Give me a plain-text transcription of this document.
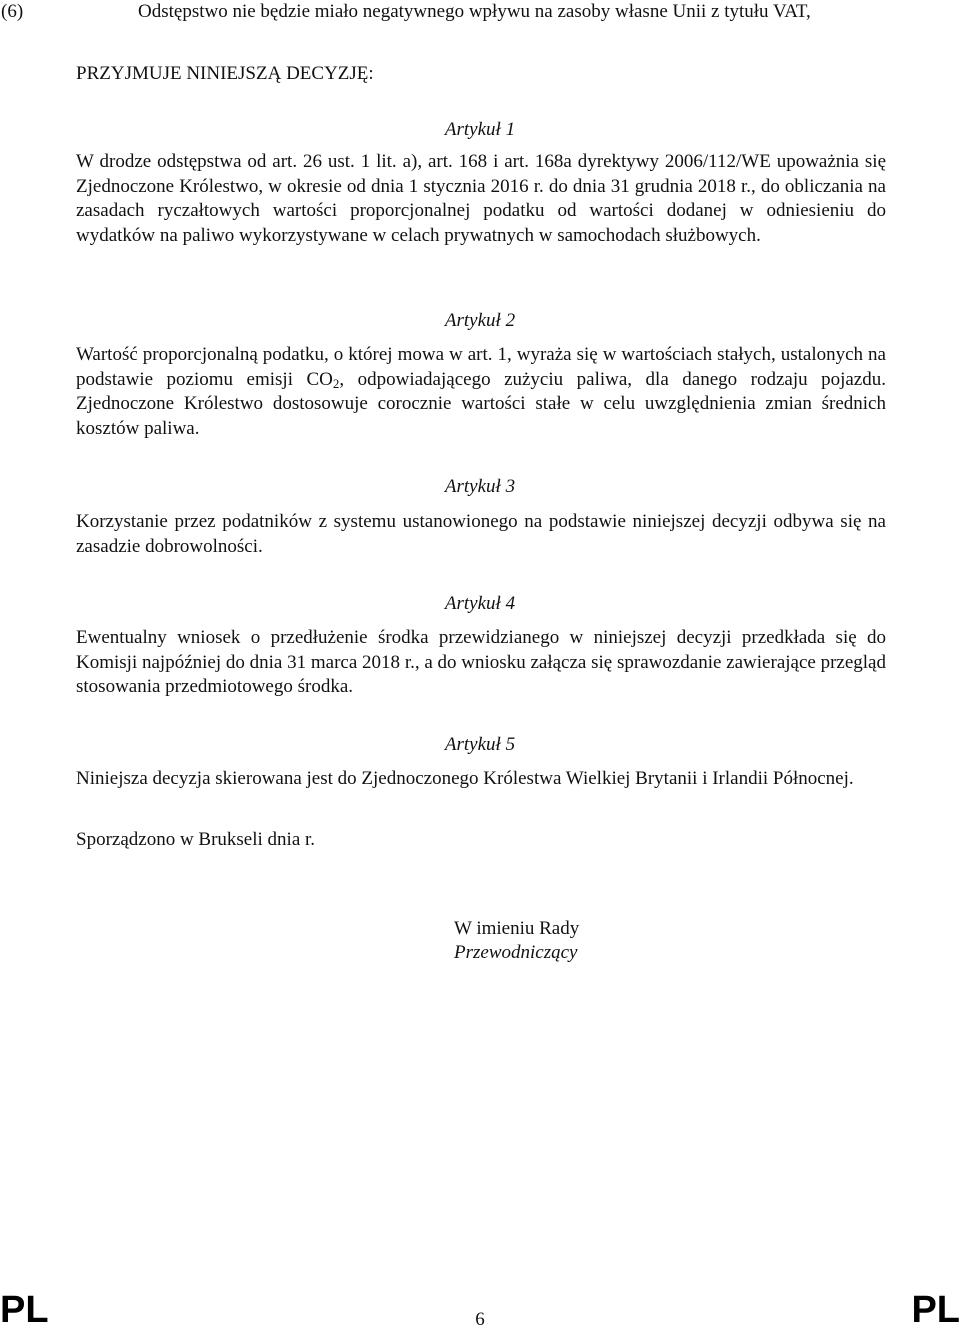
(6)	Odstępstwo nie będzie miało negatywnego wpływu na zasoby własne Unii z tytułu VAT,
PRZYJMUJE NINIEJSZĄ DECYZJĘ:
Artykuł 1
W drodze odstępstwa od art. 26 ust. 1 lit. a), art. 168 i art. 168a dyrektywy 2006/112/WE upoważnia się Zjednoczone Królestwo, w okresie od dnia 1 stycznia 2016 r. do dnia 31 grudnia 2018 r., do obliczania na zasadach ryczałtowych wartości proporcjonalnej podatku od wartości dodanej w odniesieniu do wydatków na paliwo wykorzystywane w celach prywatnych w samochodach służbowych.
Artykuł 2
Wartość proporcjonalną podatku, o której mowa w art. 1, wyraża się w wartościach stałych, ustalonych na podstawie poziomu emisji $CO_2$, odpowiadającego zużyciu paliwa, dla danego rodzaju pojazdu. Zjednoczone Królestwo dostosowuje corocznie wartości stałe w celu uwzględnienia zmian średnich kosztów paliwa.
Artykuł 3
Korzystanie przez podatników z systemu ustanowionego na podstawie niniejszej decyzji odbywa się na zasadzie dobrowolności.
Artykuł 4
Ewentualny wniosek o przedłużenie środka przewidzianego w niniejszej decyzji przedkłada się do Komisji najpóźniej do dnia 31 marca 2018 r., a do wniosku załącza się sprawozdanie zawierające przegląd stosowania przedmiotowego środka.
Artykuł 5
Niniejsza decyzja skierowana jest do Zjednoczonego Królestwa Wielkiej Brytanii i Irlandii Północnej.
Sporządzono w Brukseli dnia r.
W imieniu Rady
Przewodniczący
PL	6	PL
